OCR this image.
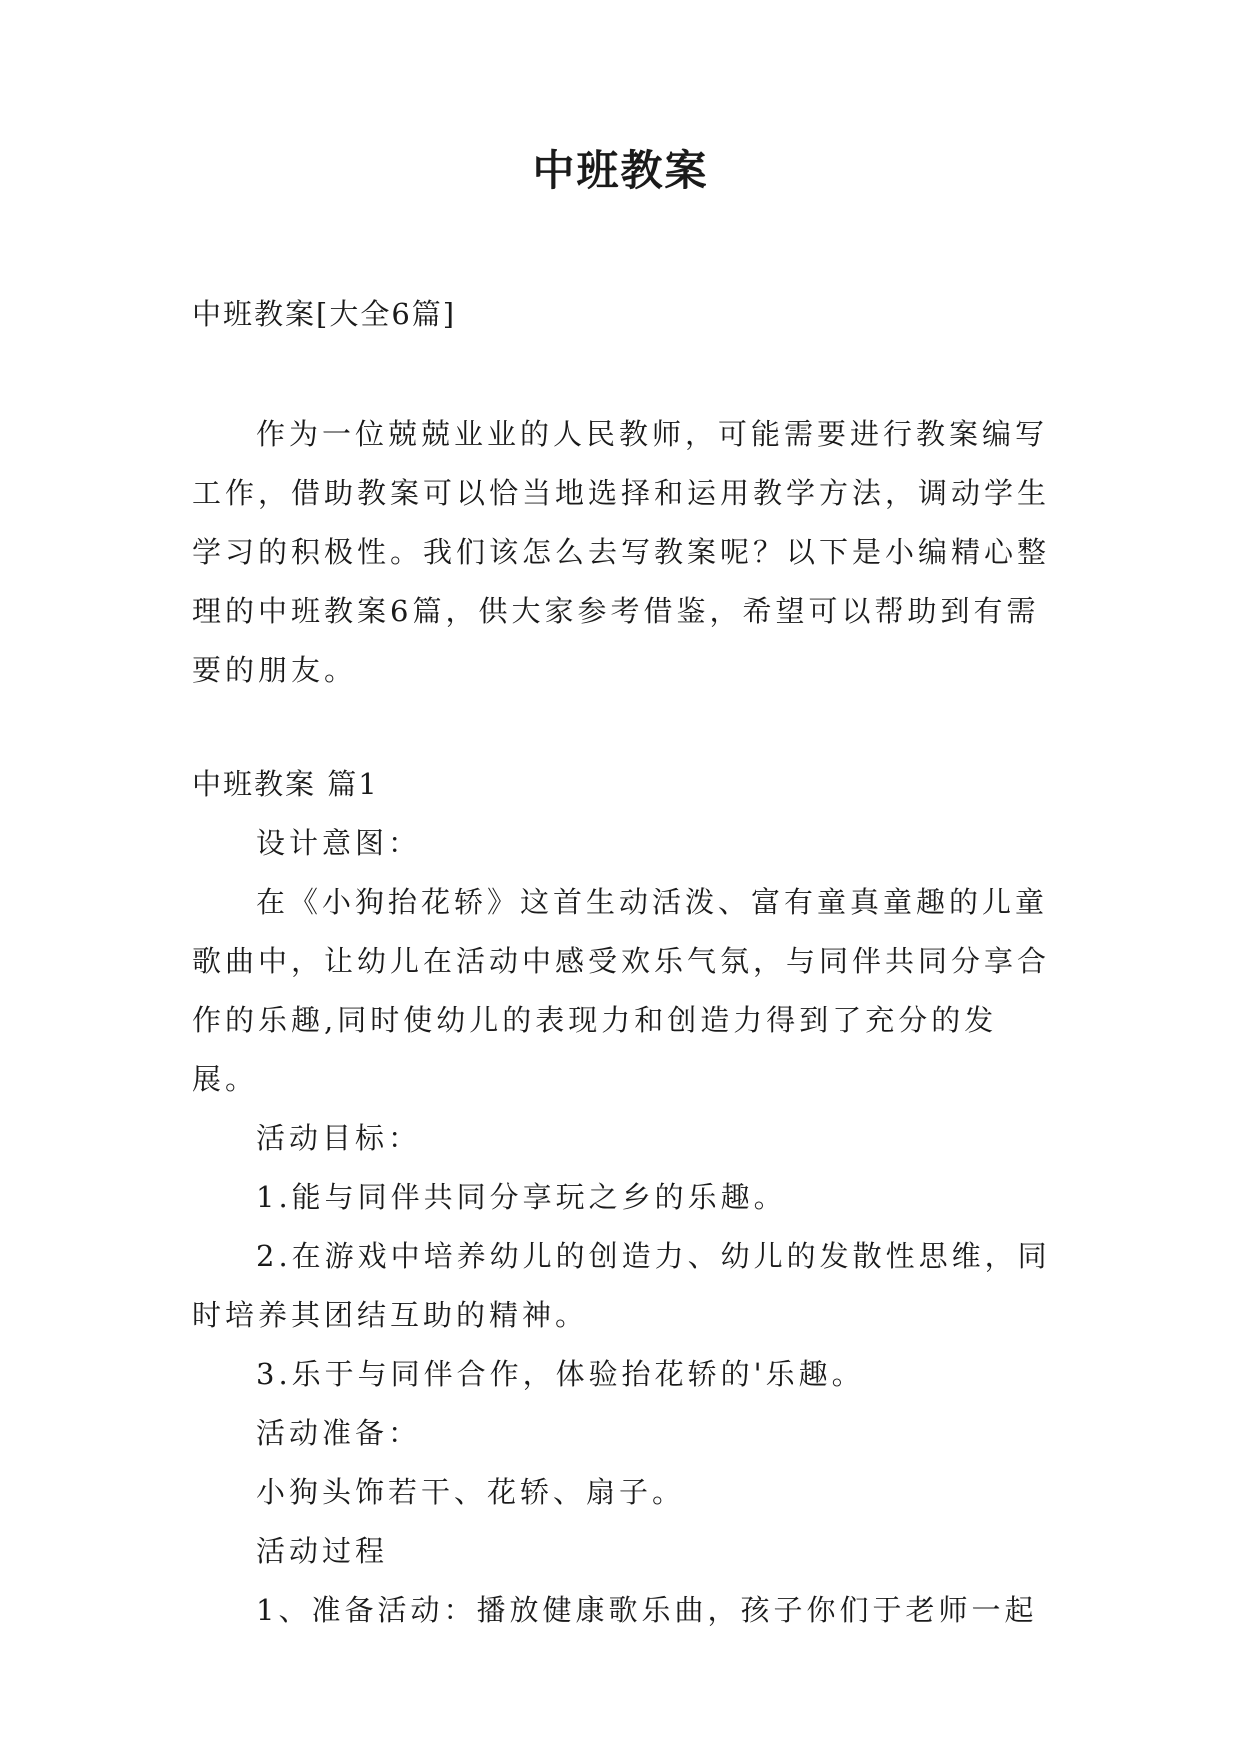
中班教案
中班教案[大全6篇]
作为一位兢兢业业的人民教师，可能需要进行教案编写工作，借助教案可以恰当地选择和运用教学方法，调动学生学习的积极性。我们该怎么去写教案呢？以下是小编精心整理的中班教案6篇，供大家参考借鉴，希望可以帮助到有需要的朋友。

中班教案 篇1

设计意图：

在《小狗抬花轿》这首生动活泼、富有童真童趣的儿童歌曲中，让幼儿在活动中感受欢乐气氛，与同伴共同分享合作的乐趣,同时使幼儿的表现力和创造力得到了充分的发展。

活动目标：

1.能与同伴共同分享玩之乡的乐趣。

2.在游戏中培养幼儿的创造力、幼儿的发散性思维，同时培养其团结互助的精神。

3.乐于与同伴合作，体验抬花轿的'乐趣。

活动准备：

小狗头饰若干、花轿、扇子。

活动过程

1、准备活动：播放健康歌乐曲，孩子你们于老师一起
